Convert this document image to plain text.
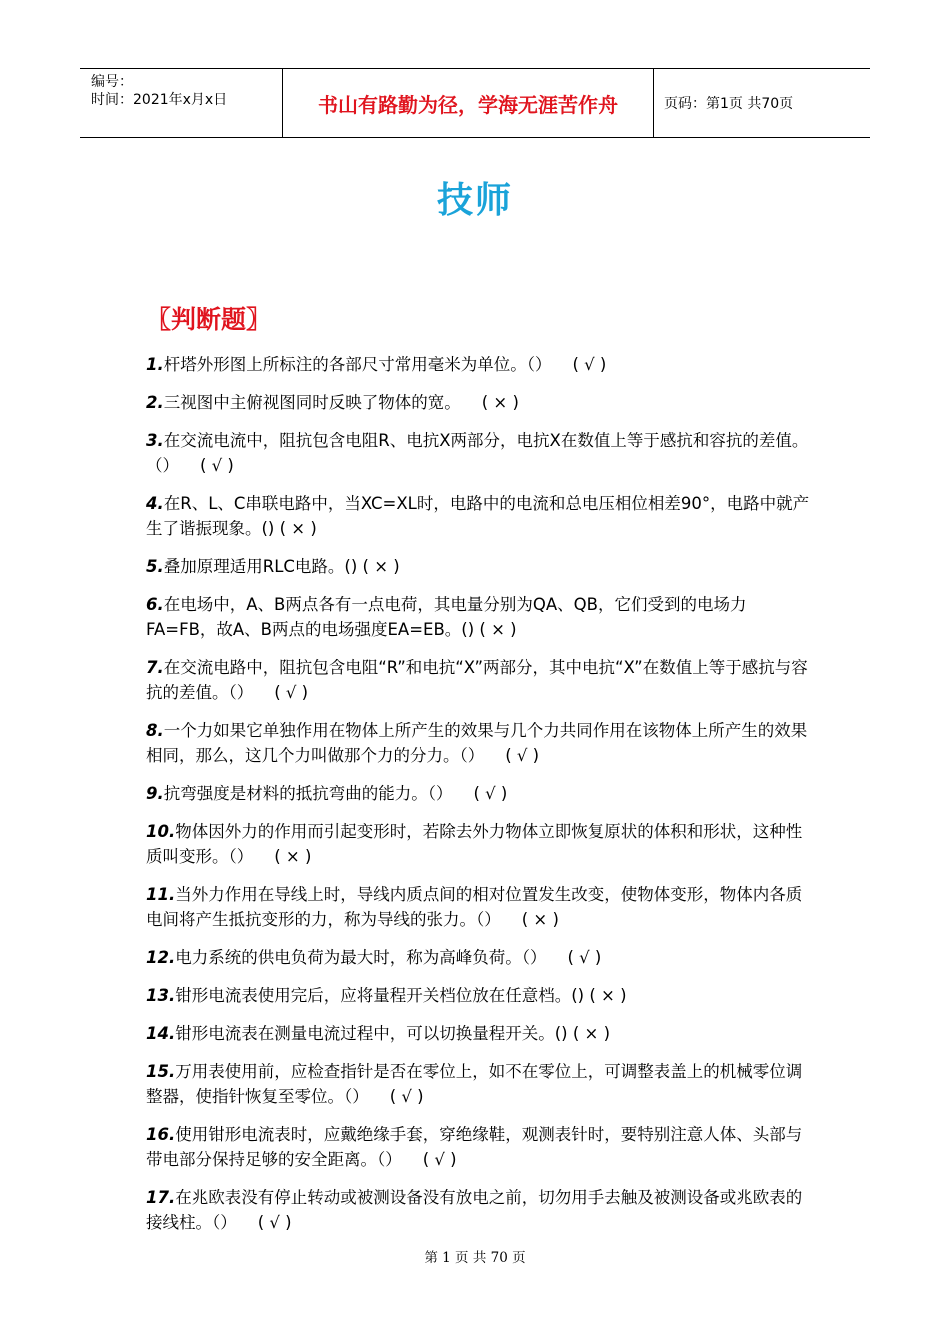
编号：
时间：2021年x月x日	书山有路勤为径，学海无涯苦作舟	页码：第1页 共70页
技师
〖判断题〗

1.杆塔外形图上所标注的各部尺寸常用毫米为单位。（）    ( √ )

2.三视图中主俯视图同时反映了物体的宽。    ( × )

3.在交流电流中，阻抗包含电阻R、电抗X两部分，电抗X在数值上等于感抗和容抗的差值。（）    ( √ )

4.在R、L、C串联电路中，当XC=XL时，电路中的电流和总电压相位相差90°，电路中就产生了谐振现象。() ( × )

5.叠加原理适用RLC电路。() ( × )

6.在电场中，A、B两点各有一点电荷，其电量分别为QA、QB，它们受到的电场力FA=FB，故A、B两点的电场强度EA=EB。() ( × )

7.在交流电路中，阻抗包含电阻“R”和电抗“X”两部分，其中电抗“X”在数值上等于感抗与容抗的差值。（）    ( √ )

8.一个力如果它单独作用在物体上所产生的效果与几个力共同作用在该物体上所产生的效果相同，那么，这几个力叫做那个力的分力。（）    ( √ )

9.抗弯强度是材料的抵抗弯曲的能力。（）    ( √ )

10.物体因外力的作用而引起变形时，若除去外力物体立即恢复原状的体积和形状，这种性质叫变形。（）    ( × )

11.当外力作用在导线上时，导线内质点间的相对位置发生改变，使物体变形，物体内各质电间将产生抵抗变形的力，称为导线的张力。（）    ( × )

12.电力系统的供电负荷为最大时，称为高峰负荷。（）    ( √ )

13.钳形电流表使用完后，应将量程开关档位放在任意档。() ( × )

14.钳形电流表在测量电流过程中，可以切换量程开关。() ( × )

15.万用表使用前，应检查指针是否在零位上，如不在零位上，可调整表盖上的机械零位调整器，使指针恢复至零位。（）    ( √ )

16.使用钳形电流表时，应戴绝缘手套，穿绝缘鞋，观测表针时，要特别注意人体、头部与带电部分保持足够的安全距离。（）    ( √ )

17.在兆欧表没有停止转动或被测设备没有放电之前，切勿用手去触及被测设备或兆欧表的接线柱。（）    ( √ )

第 1 页 共 70 页
